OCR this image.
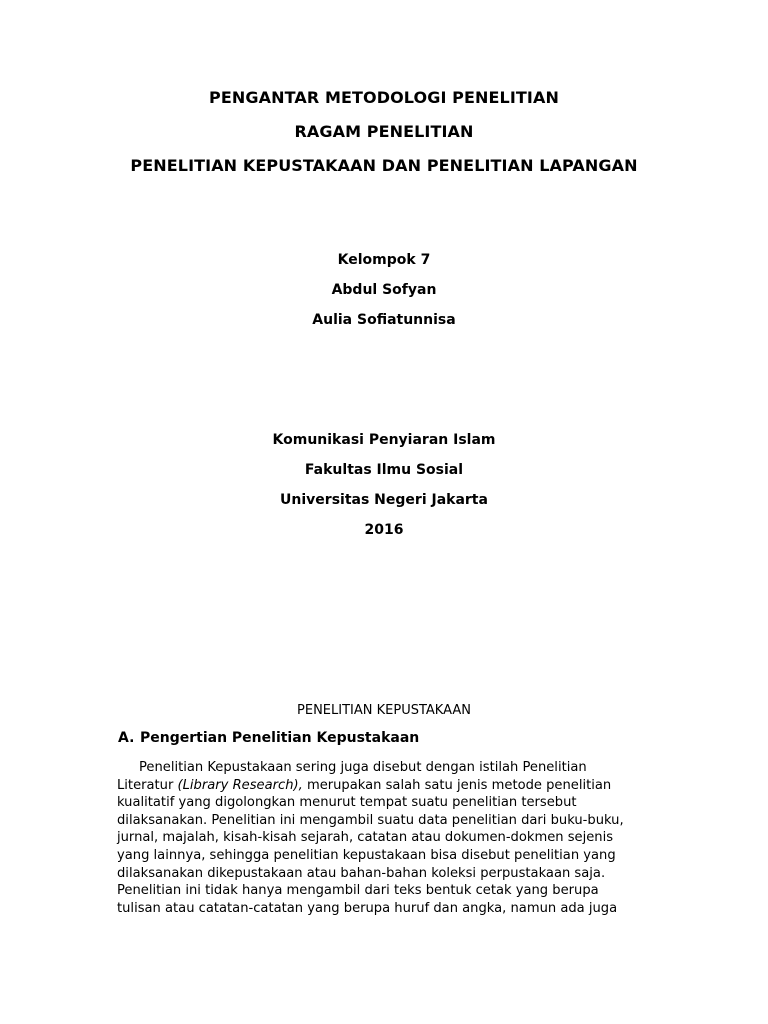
PENGANTAR METODOLOGI PENELITIAN
RAGAM PENELITIAN
PENELITIAN KEPUSTAKAAN DAN PENELITIAN LAPANGAN
Kelompok 7
Abdul Sofyan
Aulia Sofiatunnisa
Komunikasi Penyiaran Islam
Fakultas Ilmu Sosial
Universitas Negeri Jakarta
2016
PENELITIAN KEPUSTAKAAN
A. Pengertian Penelitian Kepustakaan
Penelitian Kepustakaan sering juga disebut dengan istilah Penelitian
Literatur (Library Research), merupakan salah satu jenis metode penelitian
kualitatif yang digolongkan menurut tempat suatu penelitian tersebut
dilaksanakan. Penelitian ini mengambil suatu data penelitian dari buku-buku,
jurnal, majalah, kisah-kisah sejarah, catatan atau dokumen-dokmen sejenis
yang lainnya, sehingga penelitian kepustakaan bisa disebut penelitian yang
dilaksanakan dikepustakaan atau bahan-bahan koleksi perpustakaan saja.
Penelitian ini tidak hanya mengambil dari teks bentuk cetak yang berupa
tulisan atau catatan-catatan yang berupa huruf dan angka, namun ada juga
